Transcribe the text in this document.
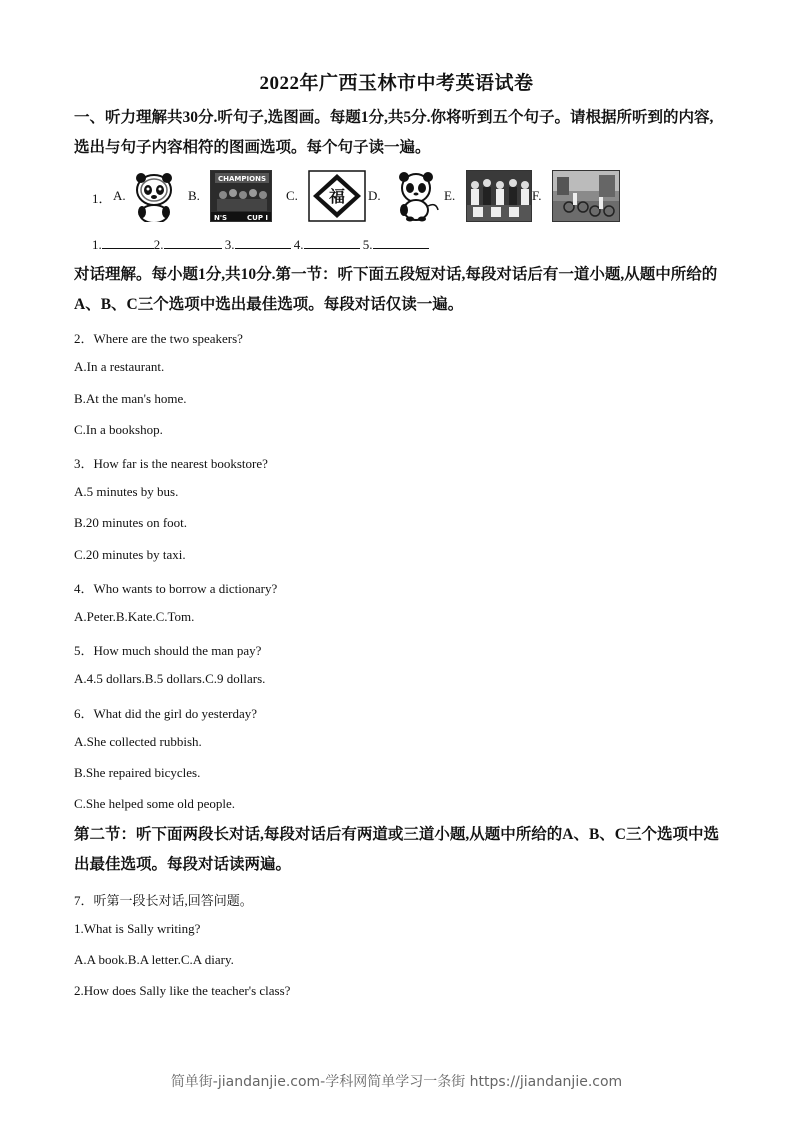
2022年广西玉林市中考英语试卷
一、听力理解共30分.听句子,选图画。每题1分,共5分.你将听到五个句子。请根据所听到的内容,选出与句子内容相符的图画选项。每个句子读一遍。
1． A.	B.
CHAMPIONS
N'S	CUP I
C. 福 D.	E.	F.
1.	2.	3.	4.	5.
对话理解。每小题1分,共10分.第一节：听下面五段短对话,每段对话后有一道小题,从题中所给的A、B、C三个选项中选出最佳选项。每段对话仅读一遍。
2．Where are the two speakers?
A.In a restaurant.
B.At the man's home.
C.In a bookshop.
3．How far is the nearest bookstore?
A.5 minutes by bus.
B.20 minutes on foot.
C.20 minutes by taxi.
4．Who wants to borrow a dictionary?
A.Peter.B.Kate.C.Tom.
5．How much should the man pay?
A.4.5 dollars.B.5 dollars.C.9 dollars.
6．What did the girl do yesterday?
A.She collected rubbish.
B.She repaired bicycles.
C.She helped some old people.
第二节：听下面两段长对话,每段对话后有两道或三道小题,从题中所给的A、B、C三个选项中选出最佳选项。每段对话读两遍。
7．听第一段长对话,回答问题。
1.What is Sally writing?
A.A book.B.A letter.C.A diary.
2.How does Sally like the teacher's class?
简单街-jiandanjie.com-学科网简单学习一条街 https://jiandanjie.com
